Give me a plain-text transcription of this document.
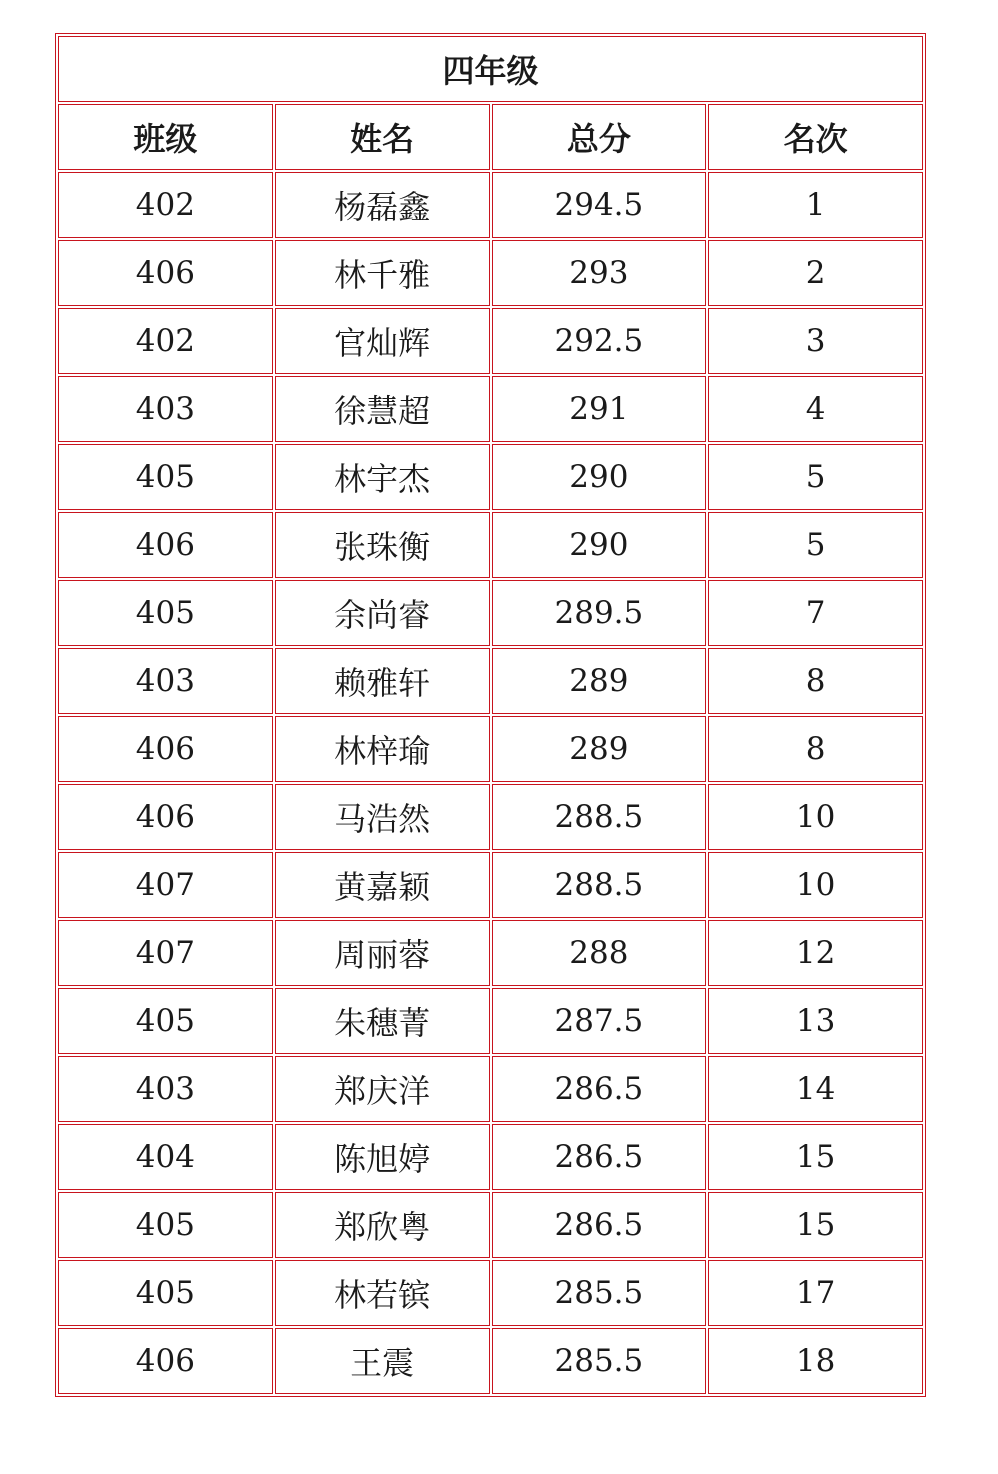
四年级			
班级	姓名	总分	名次
402	杨磊鑫	294.5	1
406	林千雅	293	2
402	官灿辉	292.5	3
403	徐慧超	291	4
405	林宇杰	290	5
406	张珠衡	290	5
405	余尚睿	289.5	7
403	赖雅轩	289	8
406	林梓瑜	289	8
406	马浩然	288.5	10
407	黄嘉颖	288.5	10
407	周丽蓉	288	12
405	朱穗菁	287.5	13
403	郑庆洋	286.5	14
404	陈旭婷	286.5	15
405	郑欣粤	286.5	15
405	林若镔	285.5	17
406	王震	285.5	18
